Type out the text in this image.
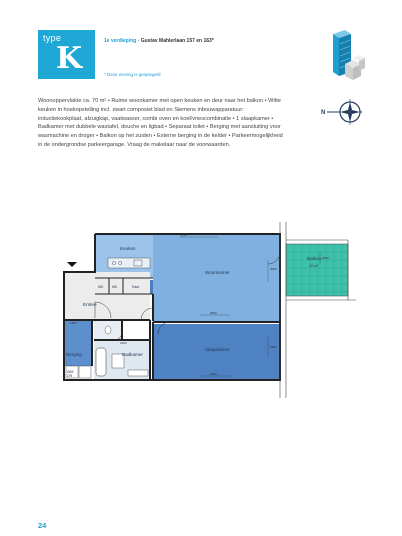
type
K	1e verdieping - Gustav Mahlerlaan 157 en 163*
* Deze woning is gespiegeld
N
Woonoppervlakte ca. 70 m² • Ruime woonkamer met open keuken en deur naar het balkon • Witte keuken in hoekopstelling incl. zwart composiet blad en Siemens inbouwapparatuur: inductiekookplaat, afzuigkap, vaatwasser, combi oven en koel/vriescombinatie • 1 slaapkamer • Badkamer met dubbele wastafel, douche en ligbad • Separaat toilet • Berging met aansluiting voor wasmachine en droger • Balkon op het zuiden • Externe berging in de kelder • Parkeermogelijkheid in de ondergrondse parkeergarage. Vraag de makelaar naar de voorwaarden.
8700
4000
2900
5900
1800
2200
5300
2900
Keuken
Woonkamer
Balkon
10 m²
MK MK	Kast
Entree
Berging	Badkamer
Slaapkamer
WM
DR
24
